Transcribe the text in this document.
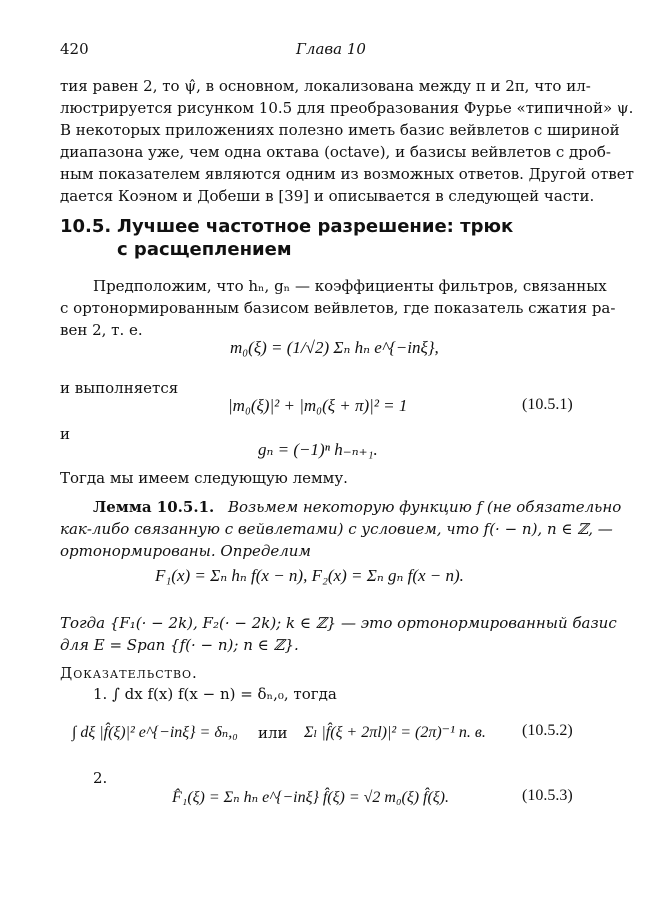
420	Глава 10
тия равен 2, то ψ̂, в основном, локализована между π и 2π, что ил-
люстрируется рисунком 10.5 для преобразования Фурье «типичной» ψ.
В некоторых приложениях полезно иметь базис вейвлетов с шириной
диапазона уже, чем одна октава (octave), и базисы вейвлетов с дроб-
ным показателем являются одним из возможных ответов. Другой ответ
дается Коэном и Добеши в [39] и описывается в следующей части.
10.5. Лучшее частотное разрешение: трюк
с расщеплением
Предположим, что hₙ, gₙ — коэффициенты фильтров, связанных
с ортонормированным базисом вейвлетов, где показатель сжатия ра-
вен 2, т. е.
m₀(ξ) = (1/√2) Σₙ hₙ e^{−inξ},
и выполняется
|m₀(ξ)|² + |m₀(ξ + π)|² = 1	(10.5.1)
и
gₙ = (−1)ⁿ h₋ₙ₊₁.
Тогда мы имеем следующую лемму.
Лемма 10.5.1. Возьмем некоторую функцию f (не обязательно
как-либо связанную с вейвлетами) с условием, что f(· − n), n ∈ ℤ, —
ортонормированы. Определим
F₁(x) = Σₙ hₙ f(x − n), F₂(x) = Σₙ gₙ f(x − n).
Тогда {F₁(· − 2k), F₂(· − 2k); k ∈ ℤ} — это ортонормированный базис
для E = Span {f(· − n); n ∈ ℤ}.
Доказательство.
1. ∫ dx f(x) f(x − n) = δₙ,₀, тогда
∫ dξ |f̂(ξ)|² e^{−inξ} = δₙ,₀ или Σₗ |f̂(ξ + 2πl)|² = (2π)⁻¹ п. в. (10.5.2)
2.
F̂₁(ξ) = Σₙ hₙ e^{−inξ} f̂(ξ) = √2 m₀(ξ) f̂(ξ).	(10.5.3)
